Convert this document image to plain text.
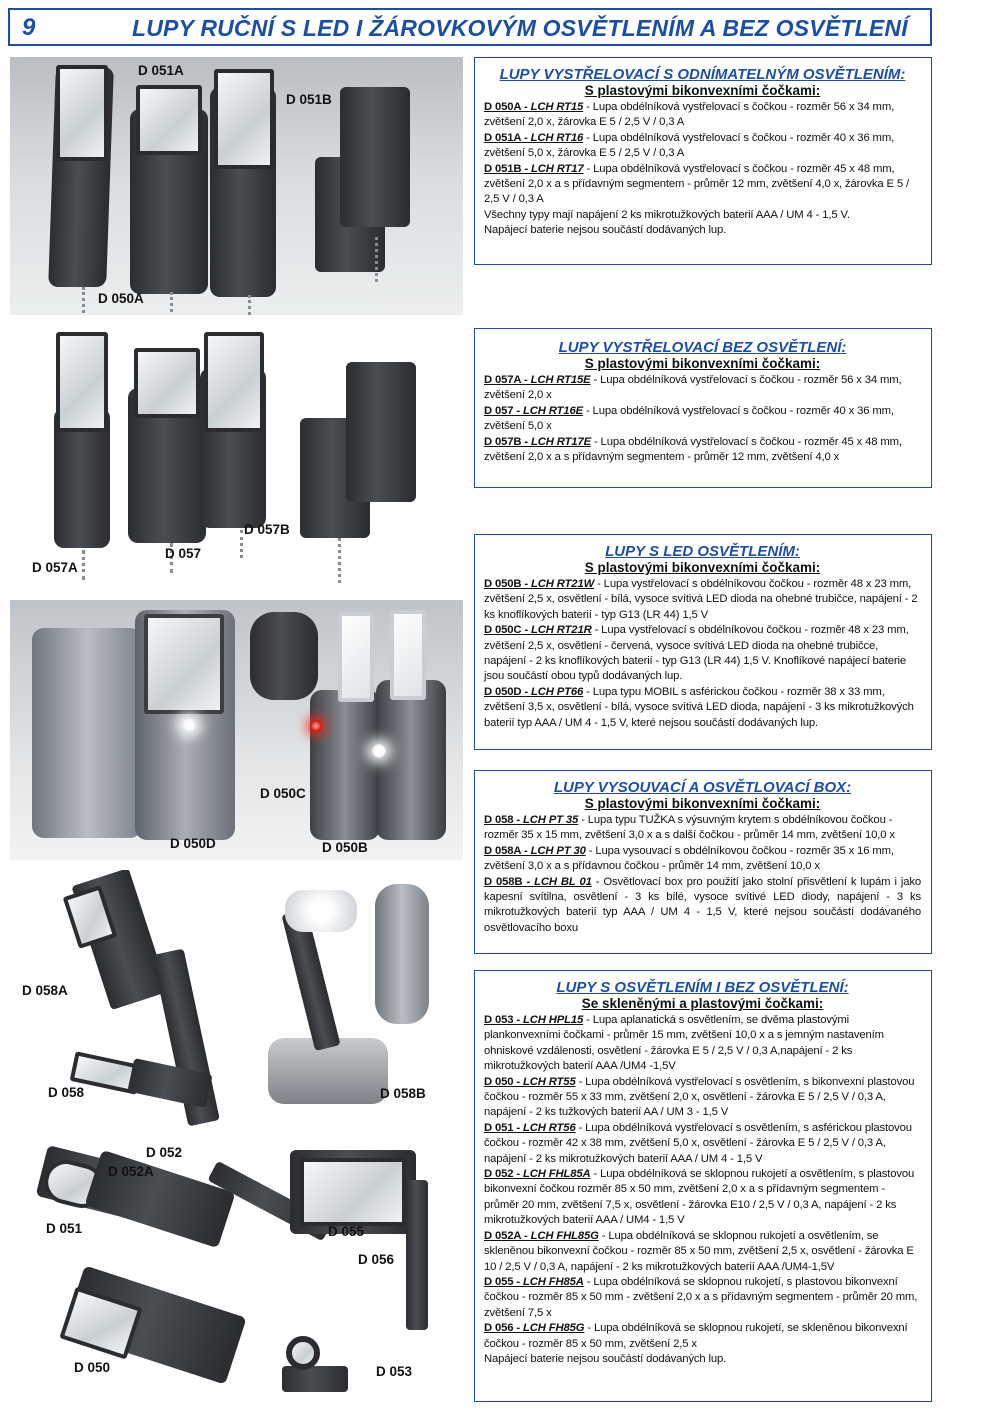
9	LUPY RUČNÍ S LED I ŽÁROVKOVÝM OSVĚTLENÍM A BEZ OSVĚTLENÍ
D 051A
D 051B
D 050A
D 057A
D 057
D 057B
D 050C
D 050D	D 050B
D 058A
D 058	D 058B
D 052
D 052A
D 051	D 055
D 056
D 050	D 053
LUPY VYSTŘELOVACÍ S ODNÍMATELNÝM OSVĚTLENÍM:
S plastovými bikonvexními čočkami:

D 050A - LCH RT15 - Lupa obdélníková vystřelovací s čočkou - rozměr 56 x 34 mm, zvětšení 2,0 x, žárovka E 5 / 2,5 V / 0,3 A

D 051A - LCH RT16 - Lupa obdélníková vystřelovací s čočkou - rozměr 40 x 36 mm, zvětšení 5,0 x, žárovka E 5 / 2,5 V / 0,3 A

D 051B - LCH RT17 - Lupa obdélníková vystřelovací s čočkou - rozměr 45 x 48 mm, zvětšení 2,0 x a s přídavným segmentem - průměr 12 mm, zvětšení 4,0 x, žárovka E 5 / 2,5 V / 0,3 A

Všechny typy mají napájení 2 ks mikrotužkových baterií AAA / UM 4 - 1,5 V.

Napájecí baterie nejsou součástí dodávaných lup.

LUPY VYSTŘELOVACÍ BEZ OSVĚTLENÍ:
S plastovými bikonvexními čočkami:

D 057A - LCH RT15E - Lupa obdélníková vystřelovací s čočkou - rozměr 56 x 34 mm, zvětšení 2,0 x

D 057 - LCH RT16E - Lupa obdélníková vystřelovací s čočkou - rozměr 40 x 36 mm, zvětšení 5,0 x

D 057B - LCH RT17E - Lupa obdélníková vystřelovací s čočkou - rozměr 45 x 48 mm, zvětšení 2,0 x a s přídavným segmentem - průměr 12 mm, zvětšení 4,0 x

LUPY S LED OSVĚTLENÍM:
S plastovými bikonvexními čočkami:

D 050B - LCH RT21W - Lupa vystřelovací s obdélníkovou čočkou - rozměr 48 x 23 mm, zvětšení 2,5 x, osvětlení - bílá, vysoce svítivá LED dioda na ohebné trubičce, napájení - 2 ks knoflíkových baterií - typ G13 (LR 44) 1,5 V

D 050C - LCH RT21R - Lupa vystřelovací s obdélníkovou čočkou - rozměr 48 x 23 mm, zvětšení 2,5 x, osvětlení - červená, vysoce svítivá LED dioda na ohebné trubičce, napájení - 2 ks knoflíkových baterií - typ G13 (LR 44) 1,5 V. Knoflíkové napájecí baterie jsou součástí obou typů dodávaných lup.

D 050D - LCH PT66 - Lupa typu MOBIL s asférickou čočkou - rozměr 38 x 33 mm, zvětšení 3,5 x, osvětlení - bílá, vysoce svítivá LED dioda, napájení - 3 ks mikrotužkových baterií typ AAA / UM 4 - 1,5 V, které nejsou součástí dodávaných lup.

LUPY VYSOUVACÍ A OSVĚTLOVACÍ BOX:
S plastovými bikonvexními čočkami:

D 058 - LCH PT 35 - Lupa typu TUŽKA s výsuvným krytem s obdélníkovou čočkou - rozměr 35 x 15 mm, zvětšení 3,0 x a s další čočkou - průměr 14 mm, zvětšení 10,0 x

D 058A - LCH PT 30 - Lupa vysouvací s obdélníkovou čočkou - rozměr 35 x 16 mm, zvětšení 3,0 x a s přídavnou čočkou - průměr 14 mm, zvětšení 10,0 x

D 058B - LCH BL 01 - Osvětlovací box pro použití jako stolní přisvětlení k lupám i jako kapesní svítilna, osvětlení - 3 ks bílé, vysoce svítivé LED diody, napájení - 3 ks mikrotužkových baterií typ AAA / UM 4 - 1,5 V, které nejsou součástí dodávaného osvětlovacího boxu

LUPY S OSVĚTLENÍM I BEZ OSVĚTLENÍ:
Se skleněnými a plastovými čočkami:

D 053 - LCH HPL15 - Lupa aplanatická s osvětlením, se dvěma plastovými plankonvexními čočkami - průměr 15 mm, zvětšení 10,0 x a s jemným nastavením ohniskové vzdálenosti, osvětlení - žárovka E 5 / 2,5 V / 0,3 A,napájení - 2 ks mikrotužkových baterií AAA /UM4 -1,5V

D 050 - LCH RT55 - Lupa obdélníková vystřelovací s osvětlením, s bikonvexní plastovou čočkou - rozměr 55 x 33 mm, zvětšení 2,0 x, osvětlení - žárovka E 5 / 2,5 V / 0,3 A, napájení - 2 ks tužkových baterií AA / UM 3 - 1,5 V

D 051 - LCH RT56 - Lupa obdélníková vystřelovací s osvětlením, s asférickou plastovou čočkou - rozměr 42 x 38 mm, zvětšení 5,0 x, osvětlení - žárovka E 5 / 2,5 V / 0,3 A, napájení - 2 ks mikrotužkových baterií AAA / UM 4 - 1,5 V

D 052 - LCH FHL85A - Lupa obdélníková se sklopnou rukojetí a osvětlením, s plastovou bikonvexní čočkou rozměr 85 x 50 mm, zvětšení 2,0 x a s přídavným segmentem - průměr 20 mm, zvětšení 7,5 x, osvětlení - žárovka E10 / 2,5 V / 0,3 A, napájení - 2 ks mikrotužkových baterií AAA / UM4 - 1,5 V

D 052A - LCH FHL85G - Lupa obdélníková se sklopnou rukojetí a osvětlením, se skleněnou bikonvexní čočkou - rozměr 85 x 50 mm, zvětšení 2,5 x, osvětlení - žárovka E 10 / 2,5 V / 0,3 A, napájení - 2 ks mikrotužkových baterií AAA /UM4-1,5V

D 055 - LCH FH85A - Lupa obdélníková se sklopnou rukojetí, s plastovou bikonvexní čočkou - rozměr 85 x 50 mm - zvětšení 2,0 x a s přídavným segmentem - průměr 20 mm, zvětšení 7,5 x

D 056 - LCH FH85G - Lupa obdélníková se sklopnou rukojetí, se skleněnou bikonvexní čočkou - rozměr 85 x 50 mm, zvětšení 2,5 x

Napájecí baterie nejsou součástí dodávaných lup.
